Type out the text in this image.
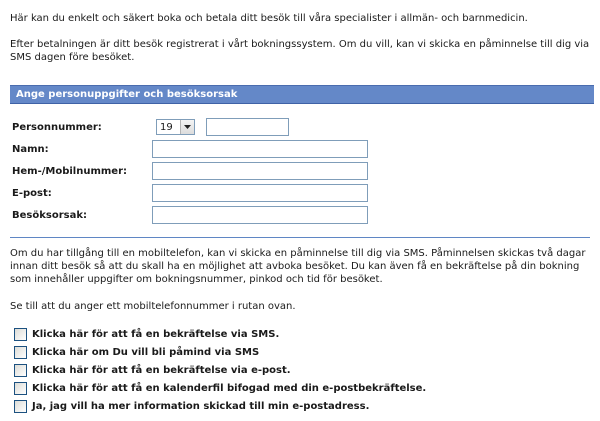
Här kan du enkelt och säkert boka och betala ditt besök till våra specialister i allmän- och barnmedicin.

Efter betalningen är ditt besök registrerat i vårt bokningssystem. Om du vill, kan vi skicka en påminnelse till dig via SMS dagen före besöket.

Ange personuppgifter och besöksorsak
Personnummer:	19
Namn:
Hem-/Mobilnummer:
E-post:
Besöksorsak:

Om du har tillgång till en mobiltelefon, kan vi skicka en påminnelse till dig via SMS. Påminnelsen skickas två dagar innan ditt besök så att du skall ha en möjlighet att avboka besöket. Du kan även få en bekräftelse på din bokning som innehåller uppgifter om bokningsnummer, pinkod och tid för besöket.

Se till att du anger ett mobiltelefonnummer i rutan ovan.

Klicka här för att få en bekräftelse via SMS.
Klicka här om Du vill bli påmind via SMS
Klicka här för att få en bekräftelse via e-post.
Klicka här för att få en kalenderfil bifogad med din e-postbekräftelse.
Ja, jag vill ha mer information skickad till min e-postadress.
